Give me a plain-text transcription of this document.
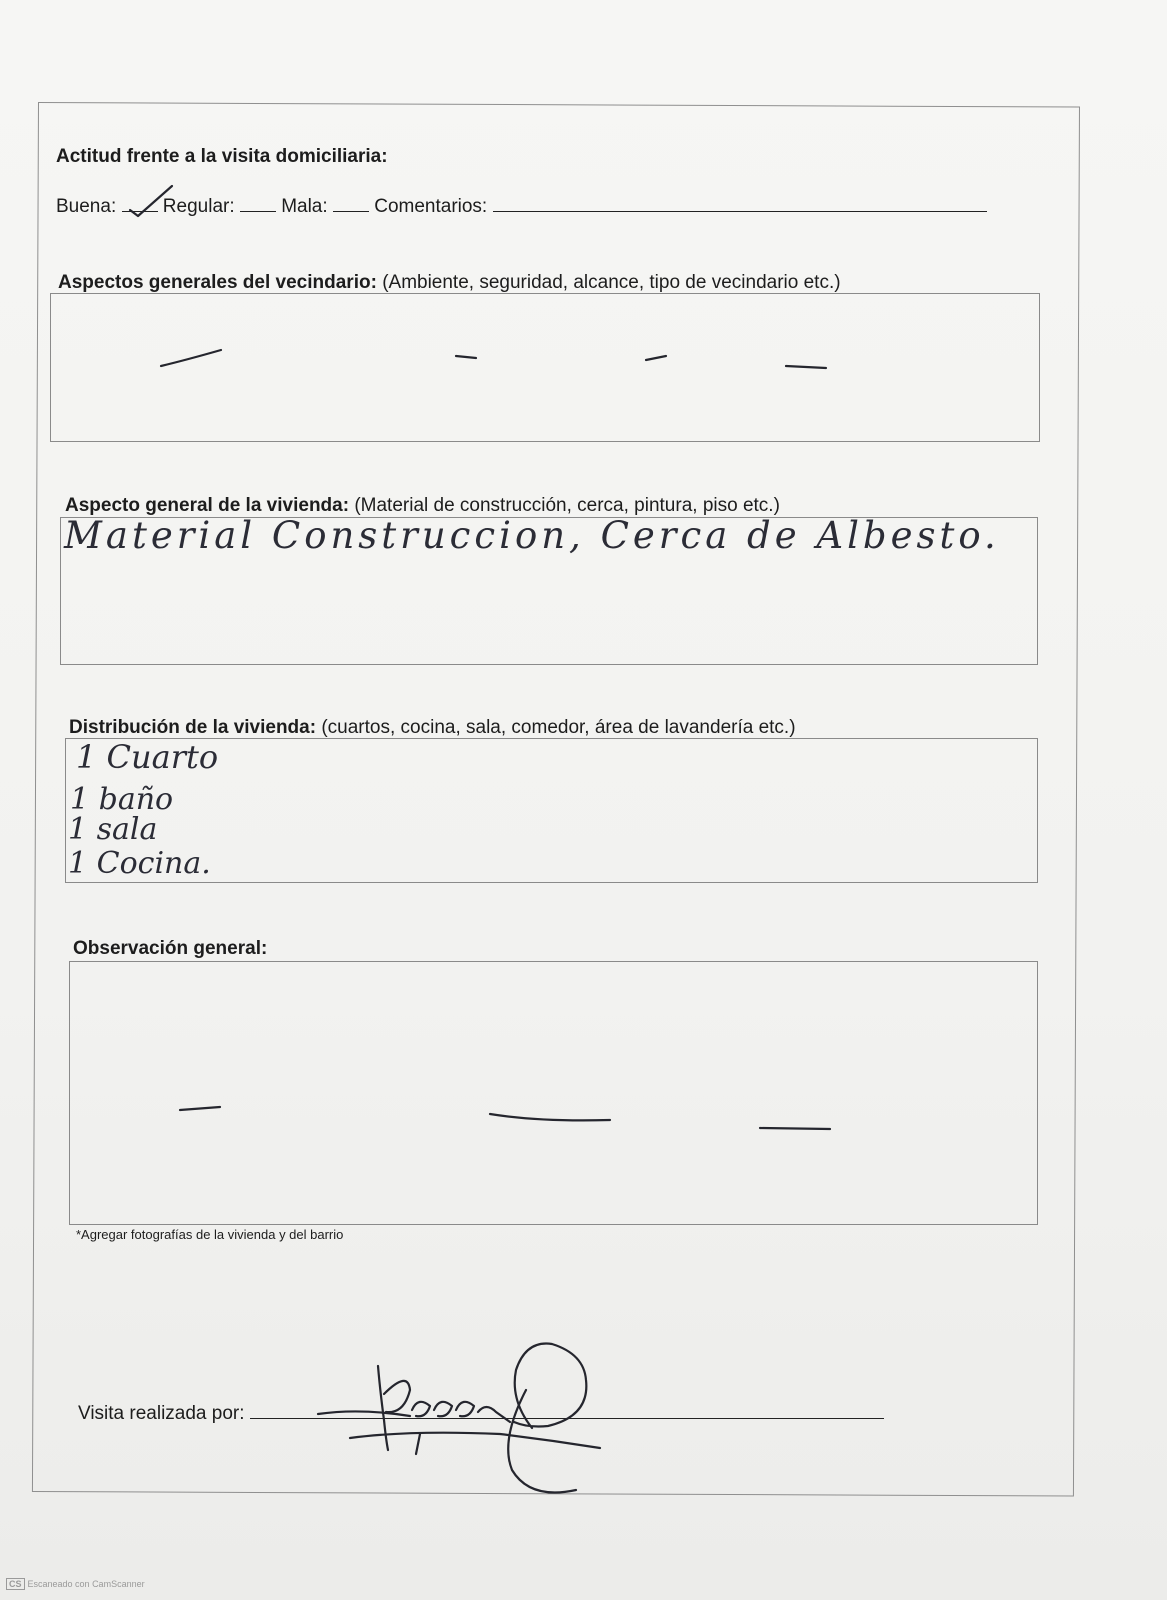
Actitud frente a la visita domiciliaria:
Buena: Regular: Mala: Comentarios:
Aspectos generales del vecindario: (Ambiente, seguridad, alcance, tipo de vecindario etc.)
Aspecto general de la vivienda: (Material de construcción, cerca, pintura, piso etc.)
Material Construccion, Cerca de Albesto.
Distribución de la vivienda: (cuartos, cocina, sala, comedor, área de lavandería etc.)
1 Cuarto
1 baño
1 sala
1 Cocina.
Observación general:
*Agregar fotografías de la vivienda y del barrio
Visita realizada por:
CS Escaneado con CamScanner
